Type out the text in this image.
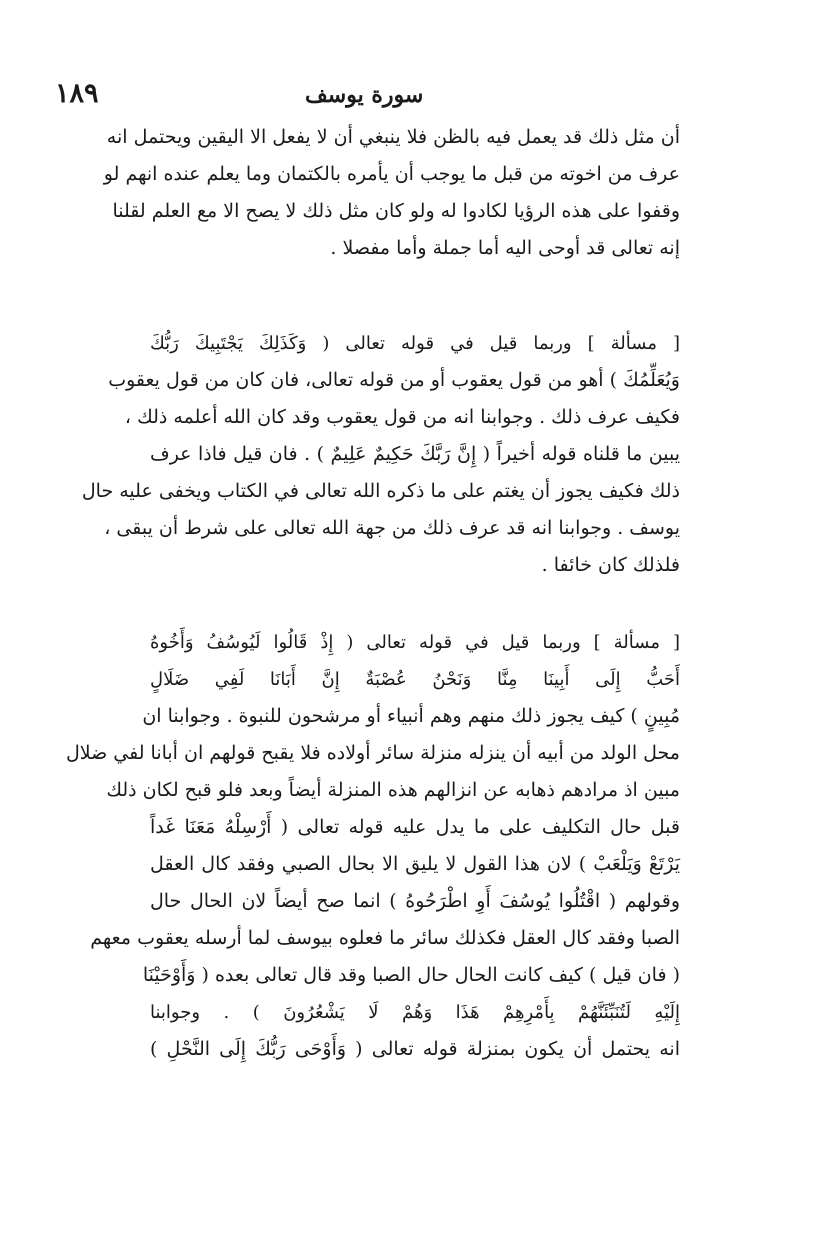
١٨٩	سورة يوسف
أن مثل ذلك قد يعمل فيه بالظن فلا ينبغي أن لا يفعل الا اليقين ويحتمل انه
عرف من اخوته من قبل ما يوجب أن يأمره بالكتمان وما يعلم عنده انهم لو
وقفوا على هذه الرؤيا لكادوا له ولو كان مثل ذلك لا يصح الا مع العلم لقلنا
إنه تعالى قد أوحى اليه أما جملة وأما مفصلا .
[ مسألة ] وربما قيل في قوله تعالى ( وَكَذَلِكَ يَجْتَبِيكَ رَبُّكَ
وَيُعَلِّمُكَ ) أهو من قول يعقوب أو من قوله تعالى، فان كان من قول يعقوب
فكيف عرف ذلك . وجوابنا انه من قول يعقوب وقد كان الله أعلمه ذلك ،
يبين ما قلناه قوله أخيراً ( إِنَّ رَبَّكَ حَكِيمٌ عَلِيمٌ ) . فان قيل فاذا عرف
ذلك فكيف يجوز أن يغتم على ما ذكره الله تعالى في الكتاب ويخفى عليه حال
يوسف . وجوابنا انه قد عرف ذلك من جهة الله تعالى على شرط أن يبقى ،
فلذلك كان خائفا .
[ مسألة ] وربما قيل في قوله تعالى ( إِذْ قَالُوا لَيُوسُفُ وَأَخُوهُ
أَحَبُّ إِلَى أَبِينَا مِنَّا وَنَحْنُ عُصْبَةٌ إِنَّ أَبَانَا لَفِي ضَلَالٍ
مُبِينٍ ) كيف يجوز ذلك منهم وهم أنبياء أو مرشحون للنبوة . وجوابنا ان
محل الولد من أبيه أن ينزله منزلة سائر أولاده فلا يقبح قولهم ان أبانا لفي ضلال
مبين اذ مرادهم ذهابه عن انزالهم هذه المنزلة أيضاً وبعد فلو قبح لكان ذلك
قبل حال التكليف على ما يدل عليه قوله تعالى ( أَرْسِلْهُ مَعَنَا غَداً
يَرْتَعْ وَيَلْعَبْ ) لان هذا القول لا يليق الا بحال الصبي وفقد كال العقل
وقولهم ( اقْتُلُوا يُوسُفَ أَوِ اطْرَحُوهُ ) انما صح أيضاً لان الحال حال
الصبا وفقد كال العقل فكذلك سائر ما فعلوه بيوسف لما أرسله يعقوب معهم
( فان قيل ) كيف كانت الحال حال الصبا وقد قال تعالى بعده ( وَأَوْحَيْنَا
إِلَيْهِ لَتُنَبِّئَنَّهُمْ بِأَمْرِهِمْ هَذَا وَهُمْ لَا يَشْعُرُونَ ) . وجوابنا
انه يحتمل أن يكون بمنزلة قوله تعالى ( وَأَوْحَى رَبُّكَ إِلَى النَّحْلِ )
